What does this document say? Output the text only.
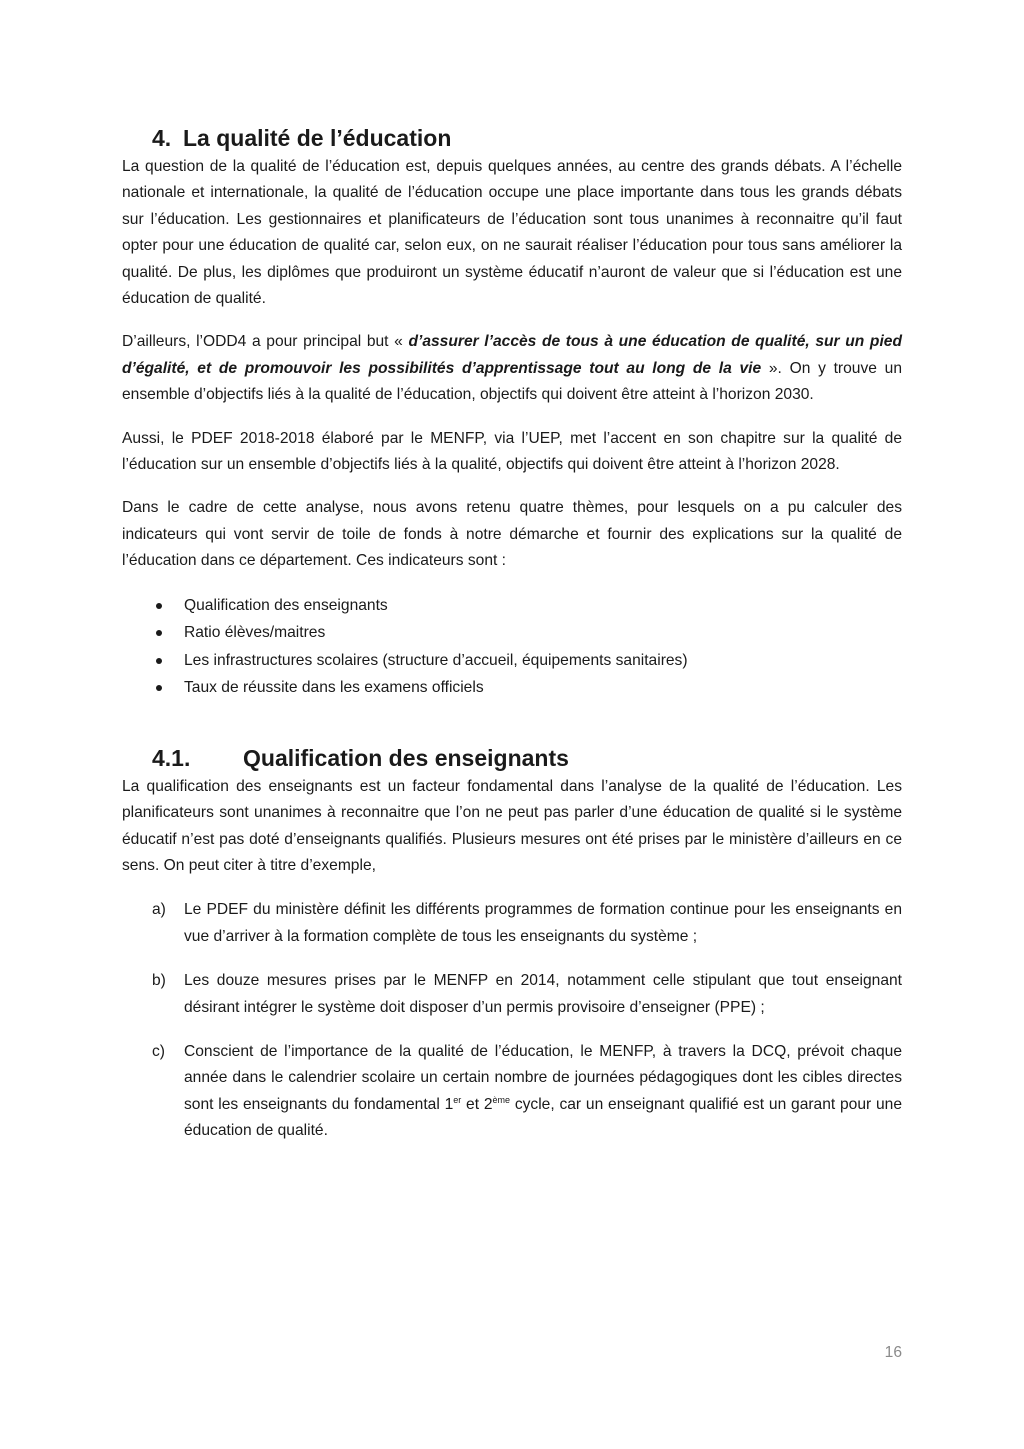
4. La qualité de l’éducation

La question de la qualité de l’éducation est, depuis quelques années, au centre des grands débats. A l’échelle nationale et internationale, la qualité de l’éducation occupe une place importante dans tous les grands débats sur l’éducation. Les gestionnaires et planificateurs de l’éducation sont tous unanimes à reconnaitre qu’il faut opter pour une éducation de qualité car, selon eux, on ne saurait réaliser l’éducation pour tous sans améliorer la qualité. De plus, les diplômes que produiront un système éducatif n’auront de valeur que si l’éducation est une éducation de qualité.

D’ailleurs, l’ODD4 a pour principal but « d’assurer l’accès de tous à une éducation de qualité, sur un pied d’égalité, et de promouvoir les possibilités d’apprentissage tout au long de la vie ». On y trouve un ensemble d’objectifs liés à la qualité de l’éducation, objectifs qui doivent être atteint à l’horizon 2030.

Aussi, le PDEF 2018-2018 élaboré par le MENFP, via l’UEP, met l’accent en son chapitre sur la qualité de l’éducation sur un ensemble d’objectifs liés à la qualité, objectifs qui doivent être atteint à l’horizon 2028.

Dans le cadre de cette analyse, nous avons retenu quatre thèmes, pour lesquels on a pu calculer des indicateurs qui vont servir de toile de fonds à notre démarche et fournir des explications sur la qualité de l’éducation dans ce département. Ces indicateurs sont :

Qualification des enseignants
Ratio élèves/maitres
Les infrastructures scolaires (structure d’accueil, équipements sanitaires)
Taux de réussite dans les examens officiels
4.1.	Qualification des enseignants

La qualification des enseignants est un facteur fondamental dans l’analyse de la qualité de l’éducation. Les planificateurs sont unanimes à reconnaitre que l’on ne peut pas parler d’une éducation de qualité si le système éducatif n’est pas doté d’enseignants qualifiés. Plusieurs mesures ont été prises par le ministère d’ailleurs en ce sens. On peut citer à titre d’exemple,

a) Le PDEF du ministère définit les différents programmes de formation continue pour les enseignants en vue d’arriver à la formation complète de tous les enseignants du système ;
b) Les douze mesures prises par le MENFP en 2014, notamment celle stipulant que tout enseignant désirant intégrer le système doit disposer d’un permis provisoire d’enseigner (PPE) ;
c) Conscient de l’importance de la qualité de l’éducation, le MENFP, à travers la DCQ, prévoit chaque année dans le calendrier scolaire un certain nombre de journées pédagogiques dont les cibles directes sont les enseignants du fondamental 1er et 2ème cycle, car un enseignant qualifié est un garant pour une éducation de qualité.
16
